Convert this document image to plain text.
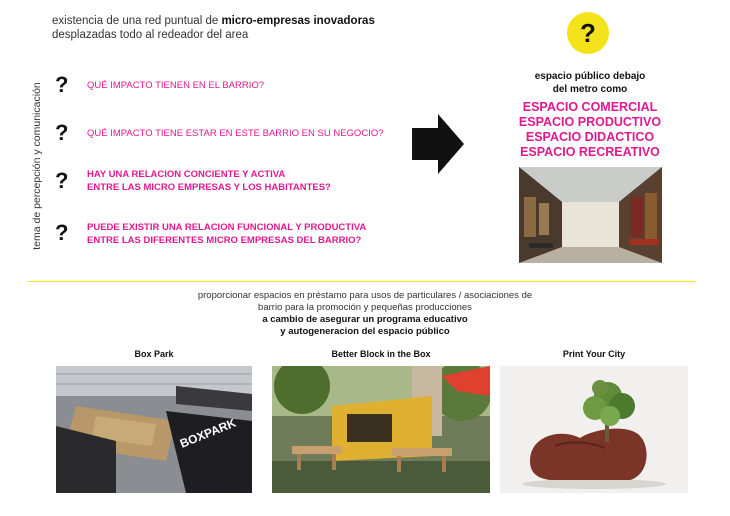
existencia de una red puntual de micro-empresas inovadoras
desplazadas todo al redeador del area
tema de percepción y comunicación ? QUÉ IMPACTO TIENEN EN EL BARRIO?
? QUÉ IMPACTO TIENE ESTAR EN ESTE BARRIO EN SU NEGOCIO?
? HAY UNA RELACION CONCIENTE Y ACTIVA
ENTRE LAS MICRO EMPRESAS Y LOS HABITANTES?
? PUEDE EXISTIR UNA RELACION FUNCIONAL Y PRODUCTIVA
ENTRE LAS DIFERENTES MICRO EMPRESAS DEL BARRIO?
?
espacio público debajo
del metro como
ESPACIO COMERCIAL
ESPACIO PRODUCTIVO
ESPACIO DIDACTICO
ESPACIO RECREATIVO
proporcionar espacios en préstamo para usos de particulares / asociaciones de
barrio para la promoción y pequeñas producciones
a cambio de asegurar un programa educativo
y autogeneracion del espacio público
Box Park	Better Block in the Box	Print Your City
BOXPARK
